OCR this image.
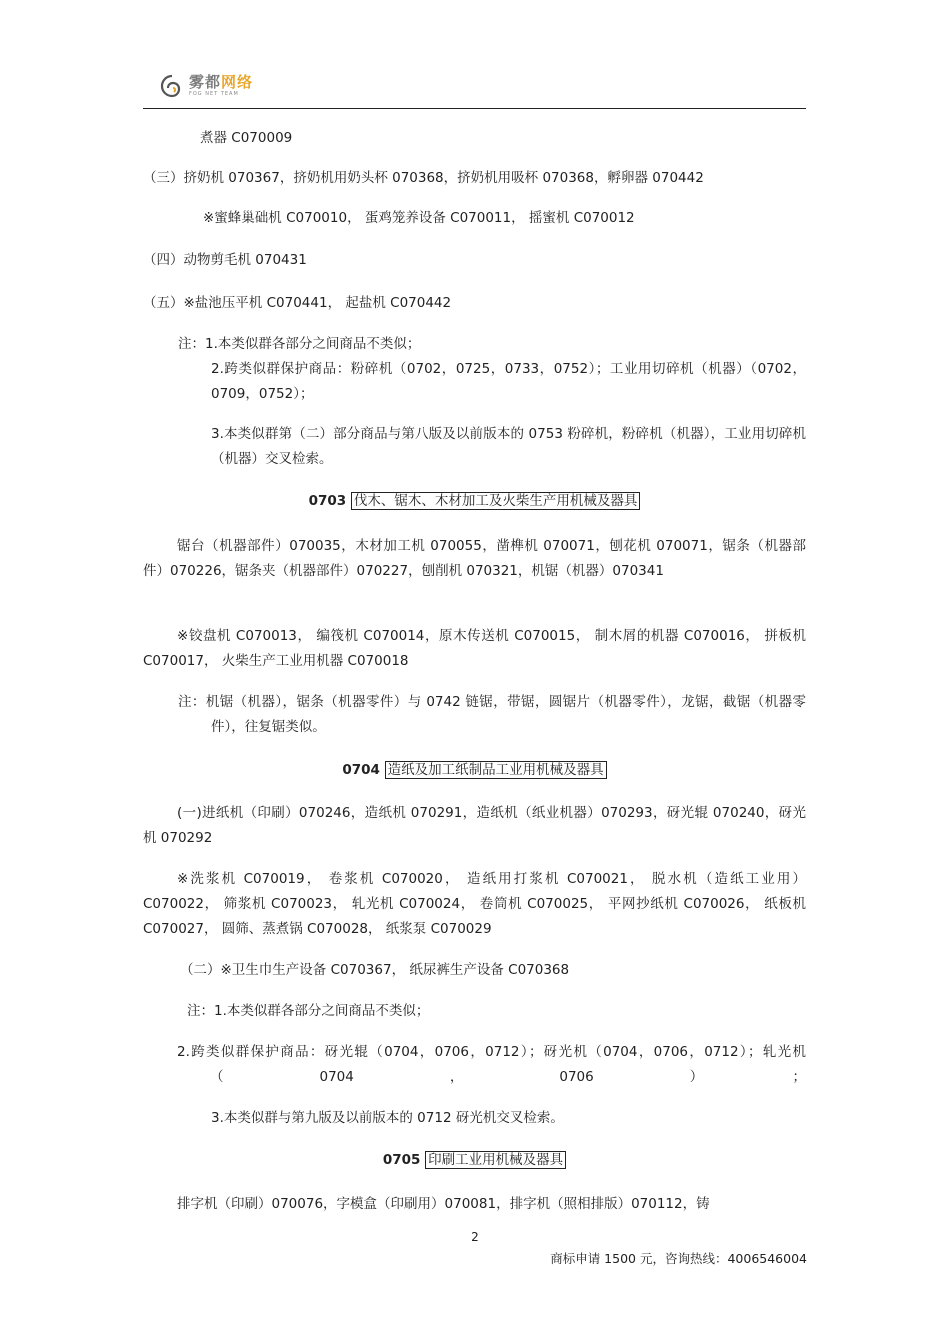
雾都网络
FOG NET TEAM

煮器 C070009

（三）挤奶机 070367，挤奶机用奶头杯 070368，挤奶机用吸杯 070368，孵卵器 070442

※蜜蜂巢础机 C070010， 蛋鸡笼养设备 C070011， 摇蜜机 C070012

（四）动物剪毛机 070431

（五）※盐池压平机 C070441， 起盐机 C070442

注：1.本类似群各部分之间商品不类似；

2.跨类似群保护商品：粉碎机（0702，0725，0733，0752）；工业用切碎机（机器）（0702，0709，0752）；

3.本类似群第（二）部分商品与第八版及以前版本的 0753 粉碎机，粉碎机（机器），工业用切碎机（机器）交叉检索。

0703 伐木、锯木、木材加工及火柴生产用机械及器具

锯台（机器部件）070035，木材加工机 070055，凿榫机 070071，刨花机 070071，锯条（机器部件）070226，锯条夹（机器部件）070227，刨削机 070321，机锯（机器）070341

※铰盘机 C070013， 编筏机 C070014，原木传送机 C070015， 制木屑的机器 C070016， 拼板机 C070017， 火柴生产工业用机器 C070018

注：机锯（机器），锯条（机器零件）与 0742 链锯，带锯，圆锯片（机器零件），龙锯，截锯（机器零件），往复锯类似。

0704 造纸及加工纸制品工业用机械及器具

(一)进纸机（印刷）070246，造纸机 070291，造纸机（纸业机器）070293，砑光辊 070240，砑光机 070292

※洗浆机 C070019， 卷浆机 C070020， 造纸用打浆机 C070021， 脱水机（造纸工业用）C070022， 筛浆机 C070023， 轧光机 C070024， 卷筒机 C070025， 平网抄纸机 C070026， 纸板机 C070027， 圆筛、蒸煮锅 C070028， 纸浆泵 C070029

（二）※卫生巾生产设备 C070367， 纸尿裤生产设备 C070368

注：1.本类似群各部分之间商品不类似；

2.跨类似群保护商品：砑光辊（0704，0706，0712）；砑光机（0704，0706，0712）；轧光机（0704，0706）；

3.本类似群与第九版及以前版本的 0712 砑光机交叉检索。

0705 印刷工业用机械及器具

排字机（印刷）070076，字模盒（印刷用）070081，排字机（照相排版）070112，铸

2
商标申请 1500 元，咨询热线：4006546004
